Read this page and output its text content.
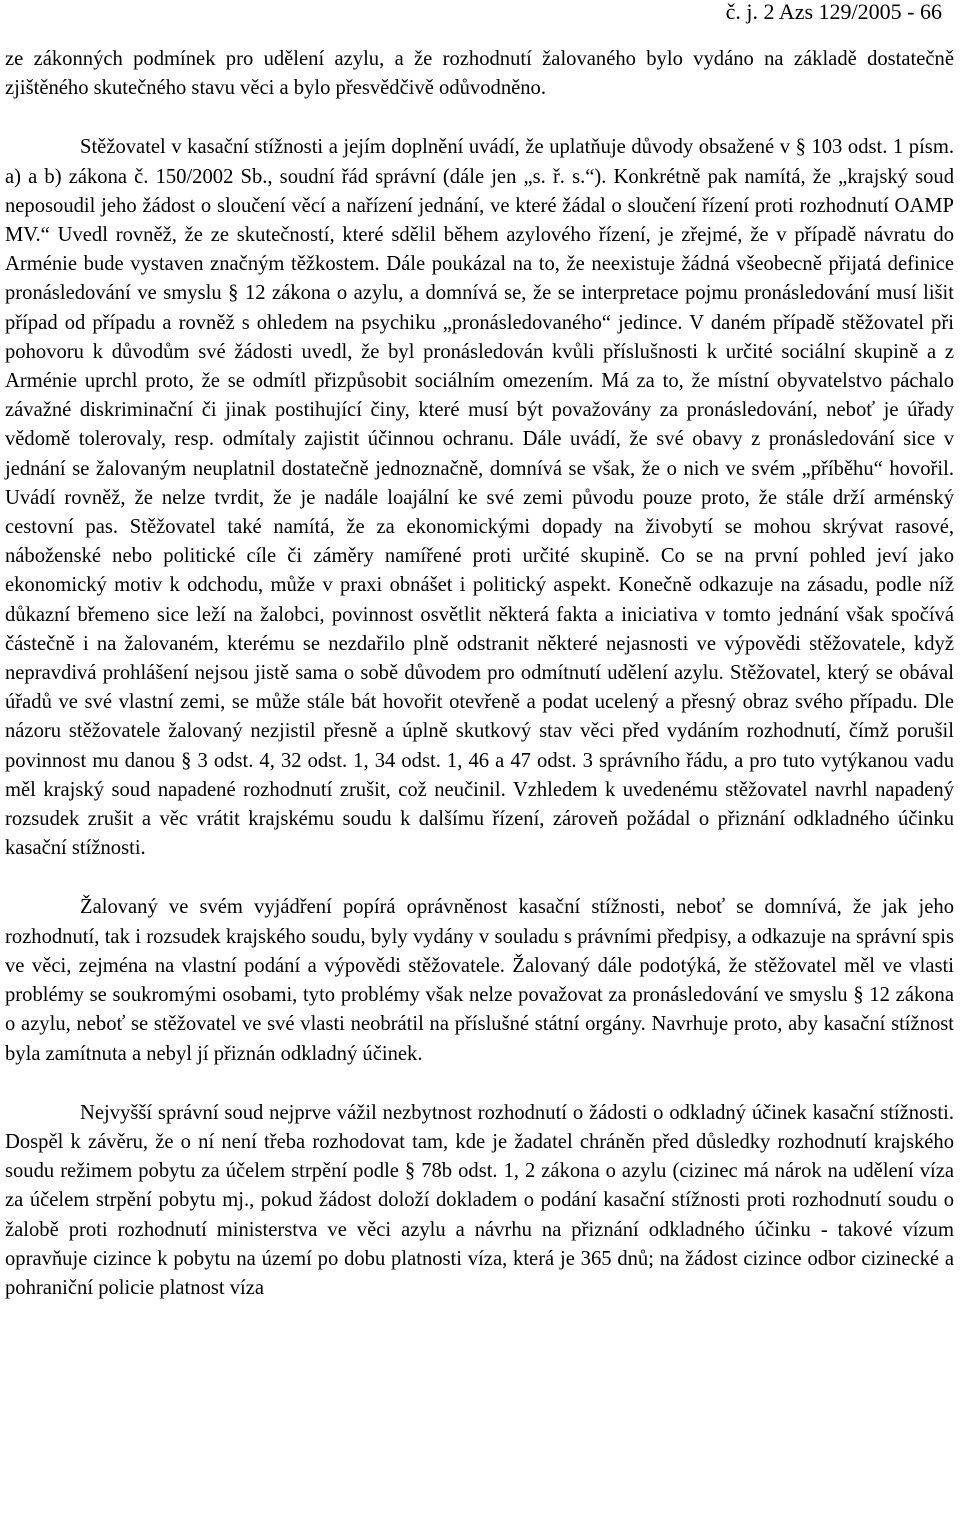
č. j. 2 Azs 129/2005 - 66

ze zákonných podmínek pro udělení azylu, a že rozhodnutí žalovaného bylo vydáno na základě dostatečně zjištěného skutečného stavu věci a bylo přesvědčivě odůvodněno.

Stěžovatel v kasační stížnosti a jejím doplnění uvádí, že uplatňuje důvody obsažené v § 103 odst. 1 písm. a) a b) zákona č. 150/2002 Sb., soudní řád správní (dále jen „s. ř. s.“). Konkrétně pak namítá, že „krajský soud neposoudil jeho žádost o sloučení věcí a nařízení jednání, ve které žádal o sloučení řízení proti rozhodnutí OAMP MV.“ Uvedl rovněž, že ze skutečností, které sdělil během azylového řízení, je zřejmé, že v případě návratu do Arménie bude vystaven značným těžkostem. Dále poukázal na to, že neexistuje žádná všeobecně přijatá definice pronásledování ve smyslu § 12 zákona o azylu, a domnívá se, že se interpretace pojmu pronásledování musí lišit případ od případu a rovněž s ohledem na psychiku „pronásledovaného“ jedince. V daném případě stěžovatel při pohovoru k důvodům své žádosti uvedl, že byl pronásledován kvůli příslušnosti k určité sociální skupině a z Arménie uprchl proto, že se odmítl přizpůsobit sociálním omezením. Má za to, že místní obyvatelstvo páchalo závažné diskriminační či jinak postihující činy, které musí být považovány za pronásledování, neboť je úřady vědomě tolerovaly, resp. odmítaly zajistit účinnou ochranu. Dále uvádí, že své obavy z pronásledování sice v jednání se žalovaným neuplatnil dostatečně jednoznačně, domnívá se však, že o nich ve svém „příběhu“ hovořil. Uvádí rovněž, že nelze tvrdit, že je nadále loajální ke své zemi původu pouze proto, že stále drží arménský cestovní pas. Stěžovatel také namítá, že za ekonomickými dopady na živobytí se mohou skrývat rasové, náboženské nebo politické cíle či záměry namířené proti určité skupině. Co se na první pohled jeví jako ekonomický motiv k odchodu, může v praxi obnášet i politický aspekt. Konečně odkazuje na zásadu, podle níž důkazní břemeno sice leží na žalobci, povinnost osvětlit některá fakta a iniciativa v tomto jednání však spočívá částečně i na žalovaném, kterému se nezdařilo plně odstranit některé nejasnosti ve výpovědi stěžovatele, když nepravdivá prohlášení nejsou jistě sama o sobě důvodem pro odmítnutí udělení azylu. Stěžovatel, který se obával úřadů ve své vlastní zemi, se může stále bát hovořit otevřeně a podat ucelený a přesný obraz svého případu. Dle názoru stěžovatele žalovaný nezjistil přesně a úplně skutkový stav věci před vydáním rozhodnutí, čímž porušil povinnost mu danou § 3 odst. 4, 32 odst. 1, 34 odst. 1, 46 a 47 odst. 3 správního řádu, a pro tuto vytýkanou vadu měl krajský soud napadené rozhodnutí zrušit, což neučinil. Vzhledem k uvedenému stěžovatel navrhl napadený rozsudek zrušit a věc vrátit krajskému soudu k dalšímu řízení, zároveň požádal o přiznání odkladného účinku kasační stížnosti.

Žalovaný ve svém vyjádření popírá oprávněnost kasační stížnosti, neboť se domnívá, že jak jeho rozhodnutí, tak i rozsudek krajského soudu, byly vydány v souladu s právními předpisy, a odkazuje na správní spis ve věci, zejména na vlastní podání a výpovědi stěžovatele. Žalovaný dále podotýká, že stěžovatel měl ve vlasti problémy se soukromými osobami, tyto problémy však nelze považovat za pronásledování ve smyslu § 12 zákona o azylu, neboť se stěžovatel ve své vlasti neobrátil na příslušné státní orgány. Navrhuje proto, aby kasační stížnost byla zamítnuta a nebyl jí přiznán odkladný účinek.

Nejvyšší správní soud nejprve vážil nezbytnost rozhodnutí o žádosti o odkladný účinek kasační stížnosti. Dospěl k závěru, že o ní není třeba rozhodovat tam, kde je žadatel chráněn před důsledky rozhodnutí krajského soudu režimem pobytu za účelem strpění podle § 78b odst. 1, 2 zákona o azylu (cizinec má nárok na udělení víza za účelem strpění pobytu mj., pokud žádost doloží dokladem o podání kasační stížnosti proti rozhodnutí soudu o žalobě proti rozhodnutí ministerstva ve věci azylu a návrhu na přiznání odkladného účinku - takové vízum opravňuje cizince k pobytu na území po dobu platnosti víza, která je 365 dnů; na žádost cizince odbor cizinecké a pohraniční policie platnost víza
